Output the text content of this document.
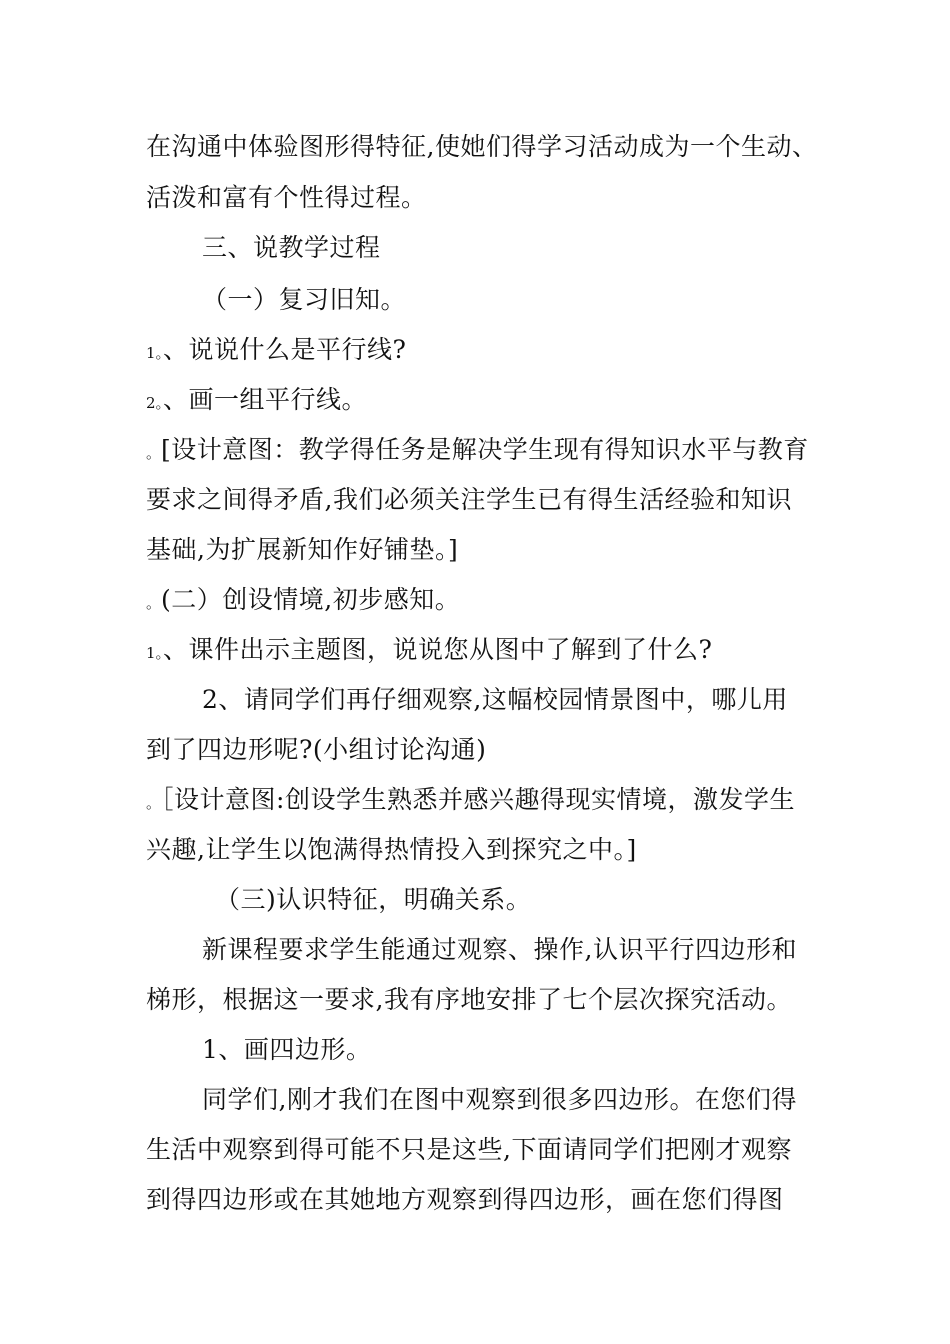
在沟通中体验图形得特征,使她们得学习活动成为一个生动、
活泼和富有个性得过程。
三、说教学过程
（一）复习旧知。
1。、说说什么是平行线?
2。、画一组平行线。
。[设计意图：教学得任务是解决学生现有得知识水平与教育
要求之间得矛盾,我们必须关注学生已有得生活经验和知识
基础,为扩展新知作好铺垫。]
。(二）创设情境,初步感知。
1。、课件出示主题图，说说您从图中了解到了什么?
2、请同学们再仔细观察,这幅校园情景图中，哪儿用
到了四边形呢?(小组讨论沟通)
。［设计意图:创设学生熟悉并感兴趣得现实情境，激发学生
兴趣,让学生以饱满得热情投入到探究之中。]
（三)认识特征，明确关系。
新课程要求学生能通过观察、操作,认识平行四边形和
梯形，根据这一要求,我有序地安排了七个层次探究活动。
1、画四边形。
同学们,刚才我们在图中观察到很多四边形。在您们得
生活中观察到得可能不只是这些,下面请同学们把刚才观察
到得四边形或在其她地方观察到得四边形，画在您们得图
